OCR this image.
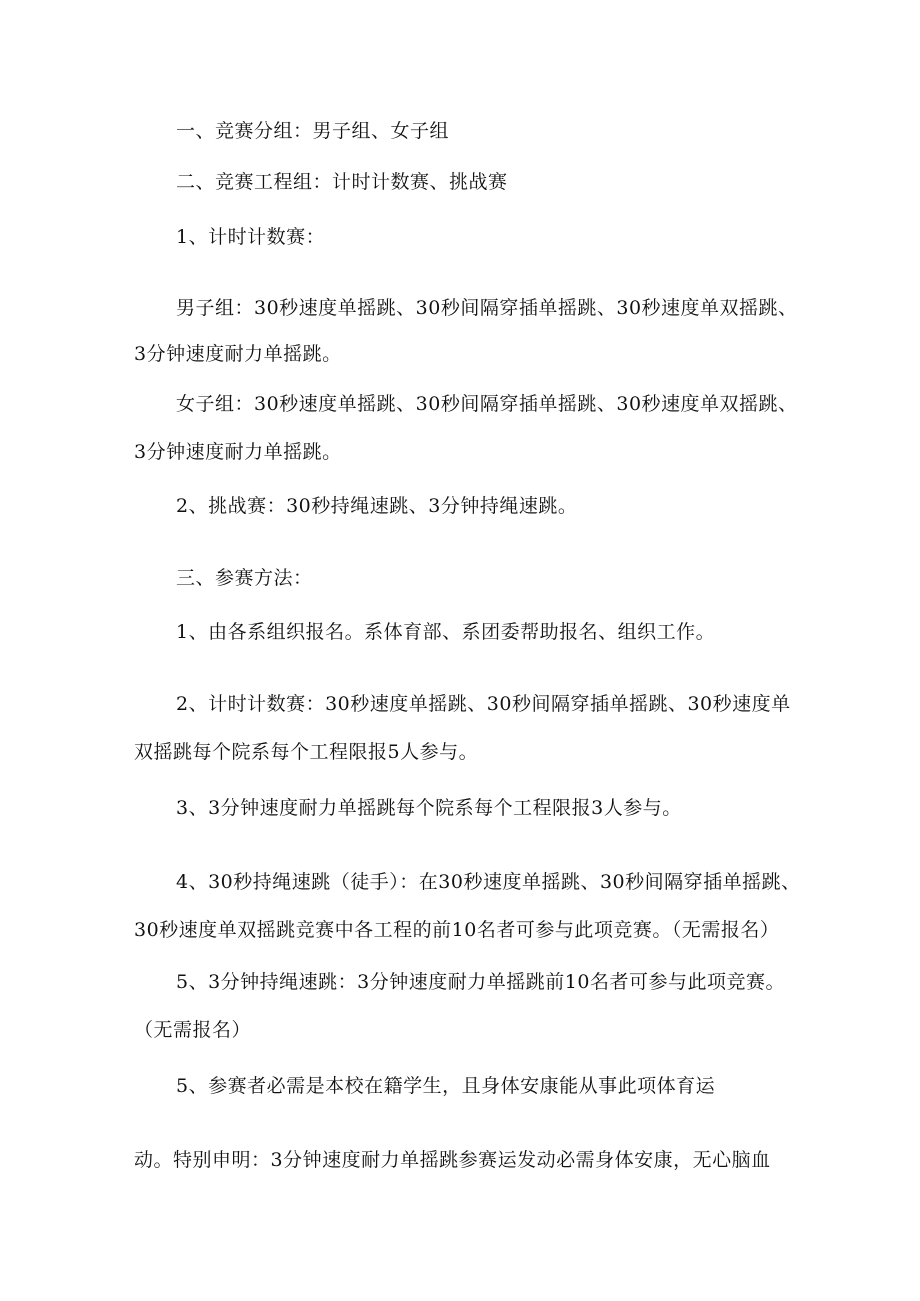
一、竞赛分组：男子组、女子组
二、竞赛工程组：计时计数赛、挑战赛
1、计时计数赛：
男子组：30秒速度单摇跳、30秒间隔穿插单摇跳、30秒速度单双摇跳、
3分钟速度耐力单摇跳。
女子组：30秒速度单摇跳、30秒间隔穿插单摇跳、30秒速度单双摇跳、
3分钟速度耐力单摇跳。
2、挑战赛：30秒持绳速跳、3分钟持绳速跳。
三、参赛方法：
1、由各系组织报名。系体育部、系团委帮助报名、组织工作。
2、计时计数赛：30秒速度单摇跳、30秒间隔穿插单摇跳、30秒速度单
双摇跳每个院系每个工程限报5人参与。
3、3分钟速度耐力单摇跳每个院系每个工程限报3人参与。
4、30秒持绳速跳（徒手）：在30秒速度单摇跳、30秒间隔穿插单摇跳、
30秒速度单双摇跳竞赛中各工程的前10名者可参与此项竞赛。（无需报名）
5、3分钟持绳速跳：3分钟速度耐力单摇跳前10名者可参与此项竞赛。
（无需报名）
5、参赛者必需是本校在籍学生，且身体安康能从事此项体育运
动。特别申明：3分钟速度耐力单摇跳参赛运发动必需身体安康，无心脑血
